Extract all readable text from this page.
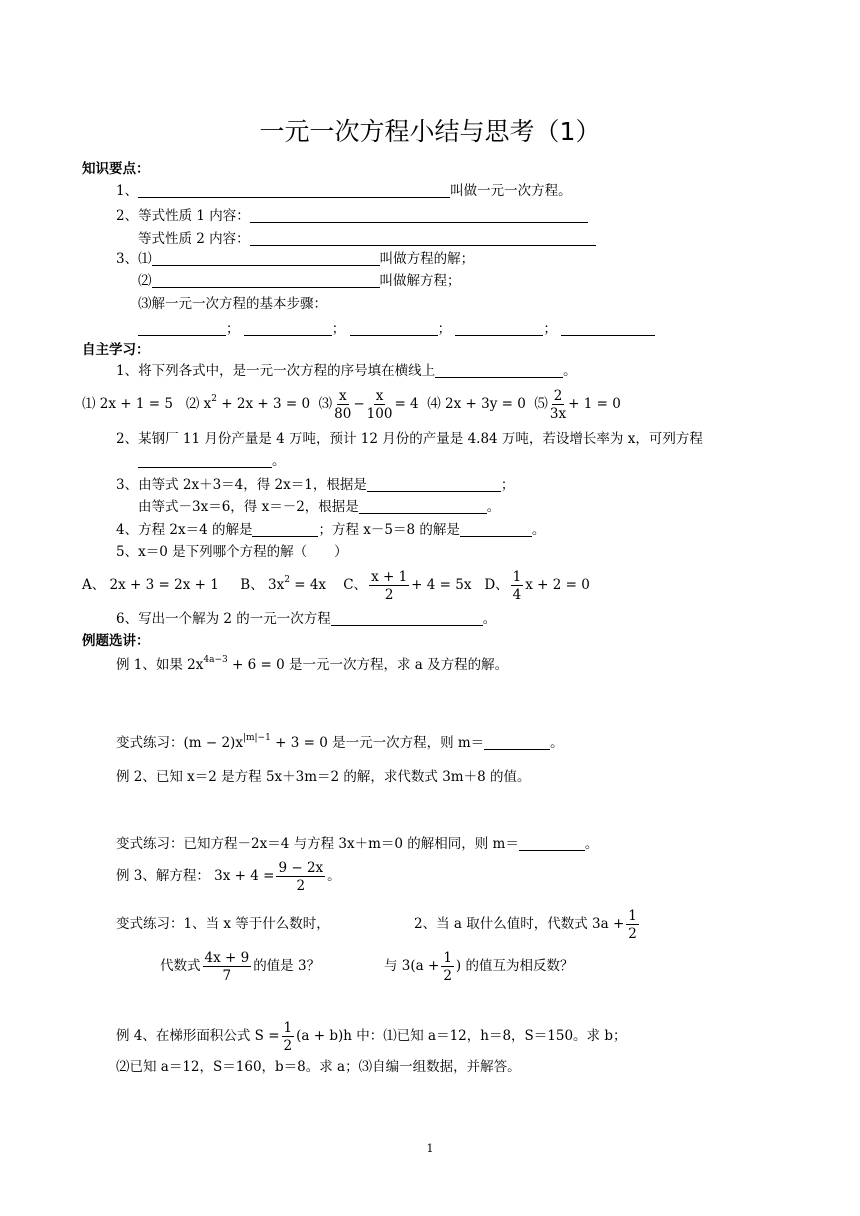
一元一次方程小结与思考（1）
知识要点：
1、	叫做一元一次方程。
2、等式性质 1 内容：
等式性质 2 内容：
3、⑴	叫做方程的解；
⑵	叫做解方程；
⑶解一元一次方程的基本步骤：
；	；	；	；
自主学习：
1、将下列各式中，是一元一次方程的序号填在横线上	。
⑴ 2x + 1 = 5 ⑵ $x^2 + 2x + 3 = 0$ ⑶ $\frac{x}{80} - \frac{x}{100} = 4$ ⑷ 2x + 3y = 0 ⑸ $\frac{2}{3x} + 1 = 0$
2、某钢厂 11 月份产量是 4 万吨，预计 12 月份的产量是 4.84 万吨，若设增长率为 x，可列方程
。
3、由等式 2x＋3＝4，得 2x＝1，根据是	；
由等式－3x＝6，得 x＝－2，根据是	。
4、方程 2x＝4 的解是	；方程 x－5＝8 的解是	。
5、x＝0 是下列哪个方程的解（　　）
A、 2x + 3 = 2x + 1 B、 $3x^2 = 4x$ C、 $\frac{x + 1}{2} + 4 = 5x$ D、 $\frac{1}{4}$ x + 2 = 0
6、写出一个解为 2 的一元一次方程	。
例题选讲：
例 1、如果 $2x^{4a-3} + 6 = 0$ 是一元一次方程，求 a 及方程的解。
变式练习：$(m - 2)x^{|m|-1} + 3 = 0$ 是一元一次方程，则 m＝	。
例 2、已知 x＝2 是方程 5x＋3m＝2 的解，求代数式 3m＋8 的值。
变式练习：已知方程－2x＝4 与方程 3x＋m＝0 的解相同，则 m＝	。
例 3、解方程： $3x + 4 = \frac{9 - 2x}{2}$ 。
变式练习：1、当 x 等于什么数时，	2、当 a 取什么值时，代数式 $3a + \frac{1}{2}$
代数式 $\frac{4x + 9}{7}$ 的值是 3？	与 $3(a + \frac{1}{2}$ ) 的值互为相反数？
例 4、在梯形面积公式 $S = \frac{1}{2} (a + b)h$ 中：⑴已知 a＝12，h＝8，S＝150。求 b；
⑵已知 a＝12，S＝160，b＝8。求 a；⑶自编一组数据，并解答。
1
